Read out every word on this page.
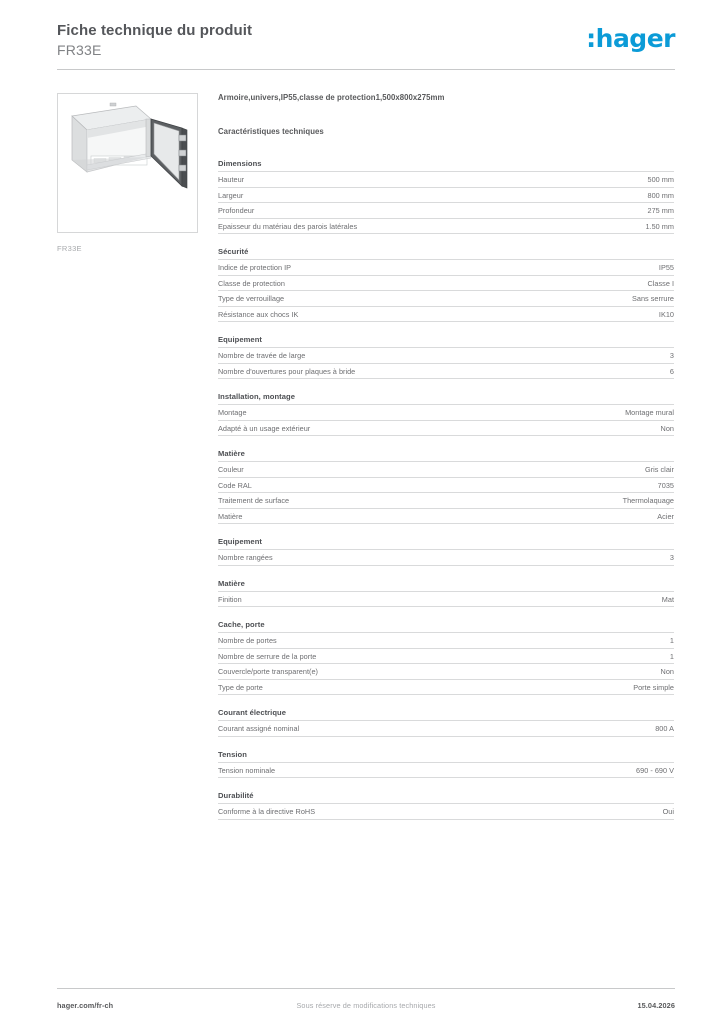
Fiche technique du produit
FR33E	:hager
FR33E
Armoire,univers,IP55,classe de protection1,500x800x275mm
Caractéristiques techniques
Dimensions
Hauteur	500 mm
Largeur	800 mm
Profondeur	275 mm
Epaisseur du matériau des parois latérales	1.50 mm
Sécurité
Indice de protection IP	IP55
Classe de protection	Classe I
Type de verrouillage	Sans serrure
Résistance aux chocs IK	IK10
Equipement
Nombre de travée de large	3
Nombre d'ouvertures pour plaques à bride	6
Installation, montage
Montage	Montage mural
Adapté à un usage extérieur	Non
Matière
Couleur	Gris clair
Code RAL	7035
Traitement de surface	Thermolaquage
Matière	Acier
Equipement
Nombre rangées	3
Matière
Finition	Mat
Cache, porte
Nombre de portes	1
Nombre de serrure de la porte	1
Couvercle/porte transparent(e)	Non
Type de porte	Porte simple
Courant électrique
Courant assigné nominal	800 A
Tension
Tension nominale	690 - 690 V
Durabilité
Conforme à la directive RoHS	Oui
hager.com/fr-ch	Sous réserve de modifications techniques	15.04.2026
